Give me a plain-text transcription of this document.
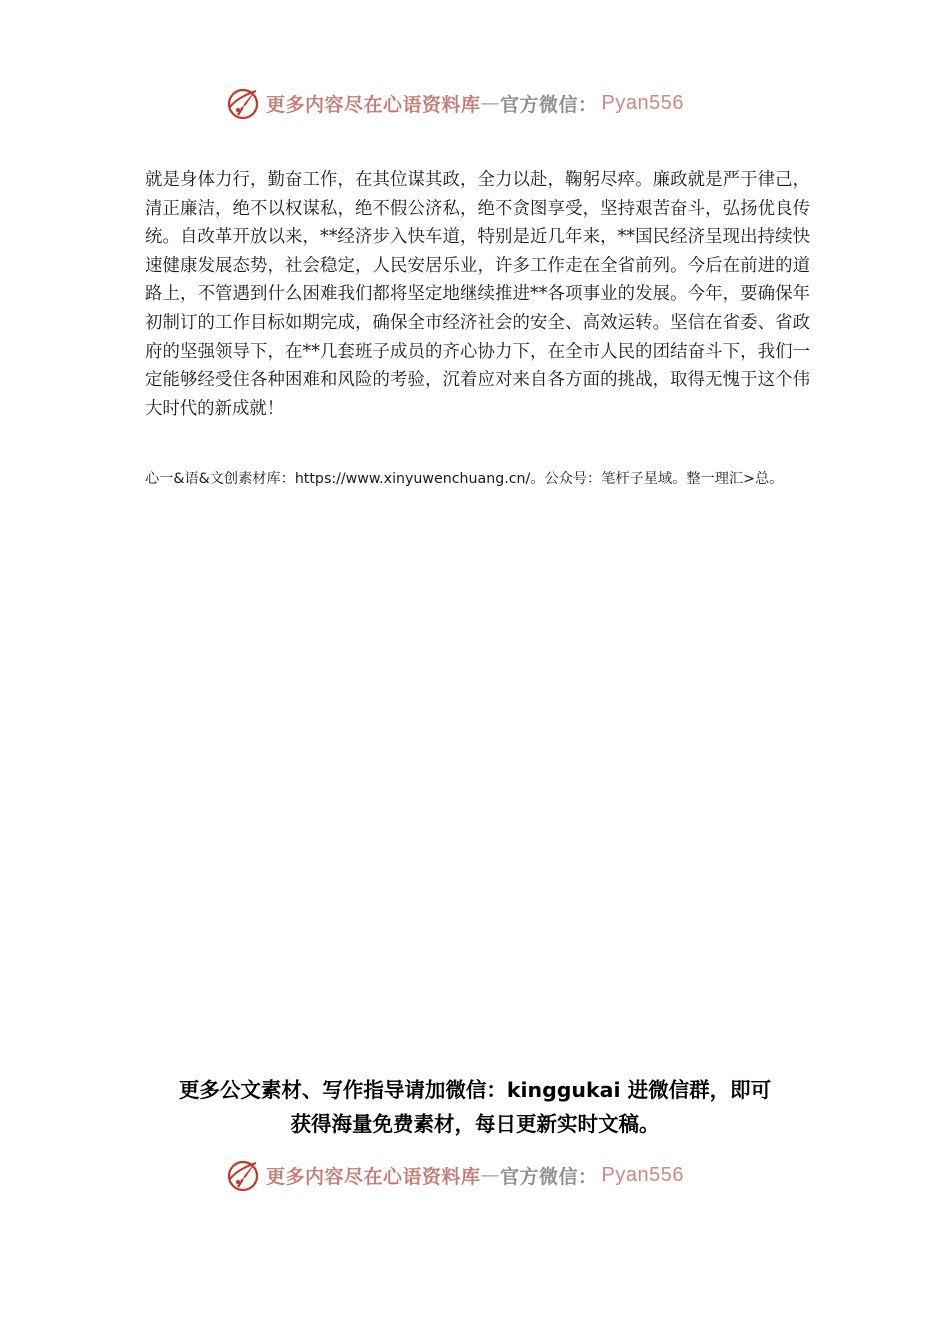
更多内容尽在心语资料库 — 官方微信： Pyan556

就是身体力行，勤奋工作，在其位谋其政，全力以赴，鞠躬尽瘁。廉政就是严于律己，清正廉洁，绝不以权谋私，绝不假公济私，绝不贪图享受，坚持艰苦奋斗，弘扬优良传统。自改革开放以来，**经济步入快车道，特别是近几年来，**国民经济呈现出持续快速健康发展态势，社会稳定，人民安居乐业，许多工作走在全省前列。今后在前进的道路上，不管遇到什么困难我们都将坚定地继续推进**各项事业的发展。今年，要确保年初制订的工作目标如期完成，确保全市经济社会的安全、高效运转。坚信在省委、省政府的坚强领导下，在**几套班子成员的齐心协力下，在全市人民的团结奋斗下，我们一定能够经受住各种困难和风险的考验，沉着应对来自各方面的挑战，取得无愧于这个伟大时代的新成就！

心一&语&文创素材库：https://www.xinyuwenchuang.cn/。公众号：笔杆子星域。整一理汇>总。

更多公文素材、写作指导请加微信：kinggukai 进微信群，即可
获得海量免费素材，每日更新实时文稿。
更多内容尽在心语资料库 — 官方微信： Pyan556
